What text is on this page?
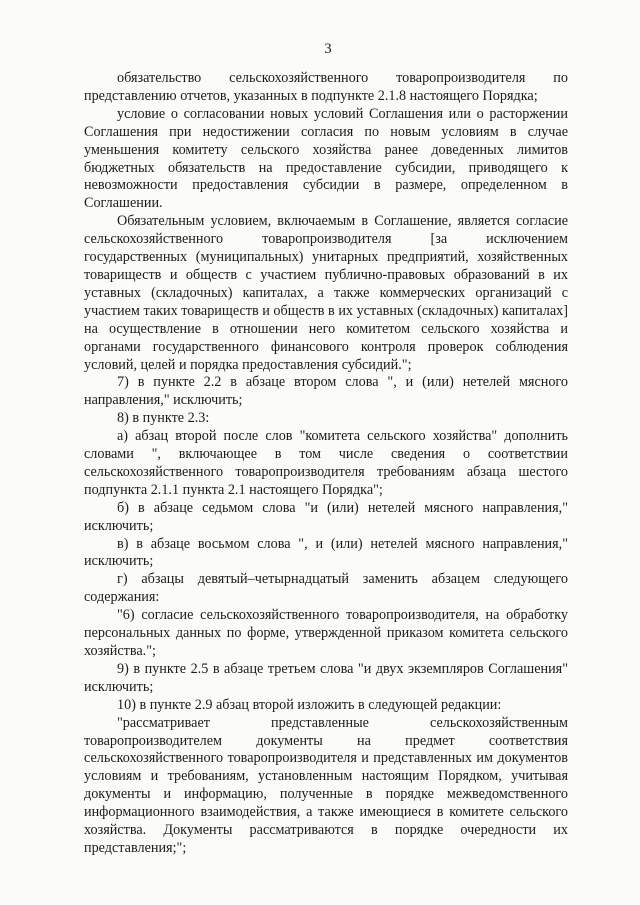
3

обязательство сельскохозяйственного товаропроизводителя по представлению отчетов, указанных в подпункте 2.1.8 настоящего Порядка;

условие о согласовании новых условий Соглашения или о расторжении Соглашения при недостижении согласия по новым условиям в случае уменьшения комитету сельского хозяйства ранее доведенных лимитов бюджетных обязательств на предоставление субсидии, приводящего к невозможности предоставления субсидии в размере, определенном в Соглашении.

Обязательным условием, включаемым в Соглашение, является согласие сельскохозяйственного товаропроизводителя [за исключением государственных (муниципальных) унитарных предприятий, хозяйственных товариществ и обществ с участием публично-правовых образований в их уставных (складочных) капиталах, а также коммерческих организаций с участием таких товариществ и обществ в их уставных (складочных) капиталах] на осуществление в отношении него комитетом сельского хозяйства и органами государственного финансового контроля проверок соблюдения условий, целей и порядка предоставления субсидий.";

7) в пункте 2.2 в абзаце втором слова ", и (или) нетелей мясного направления," исключить;

8) в пункте 2.3:

а) абзац второй после слов "комитета сельского хозяйства" дополнить словами ", включающее в том числе сведения о соответствии сельскохозяйственного товаропроизводителя требованиям абзаца шестого подпункта 2.1.1 пункта 2.1 настоящего Порядка";

б) в абзаце седьмом слова "и (или) нетелей мясного направления," исключить;

в) в абзаце восьмом слова ", и (или) нетелей мясного направления," исключить;

г) абзацы девятый–четырнадцатый заменить абзацем следующего содержания:

"6) согласие сельскохозяйственного товаропроизводителя, на обработку персональных данных по форме, утвержденной приказом комитета сельского хозяйства.";

9) в пункте 2.5 в абзаце третьем слова "и двух экземпляров Соглашения" исключить;

10) в пункте 2.9 абзац второй изложить в следующей редакции:

"рассматривает представленные сельскохозяйственным товаропроизводителем документы на предмет соответствия сельскохозяйственного товаропроизводителя и представленных им документов условиям и требованиям, установленным настоящим Порядком, учитывая документы и информацию, полученные в порядке межведомственного информационного взаимодействия, а также имеющиеся в комитете сельского хозяйства. Документы рассматриваются в порядке очередности их представления;";
